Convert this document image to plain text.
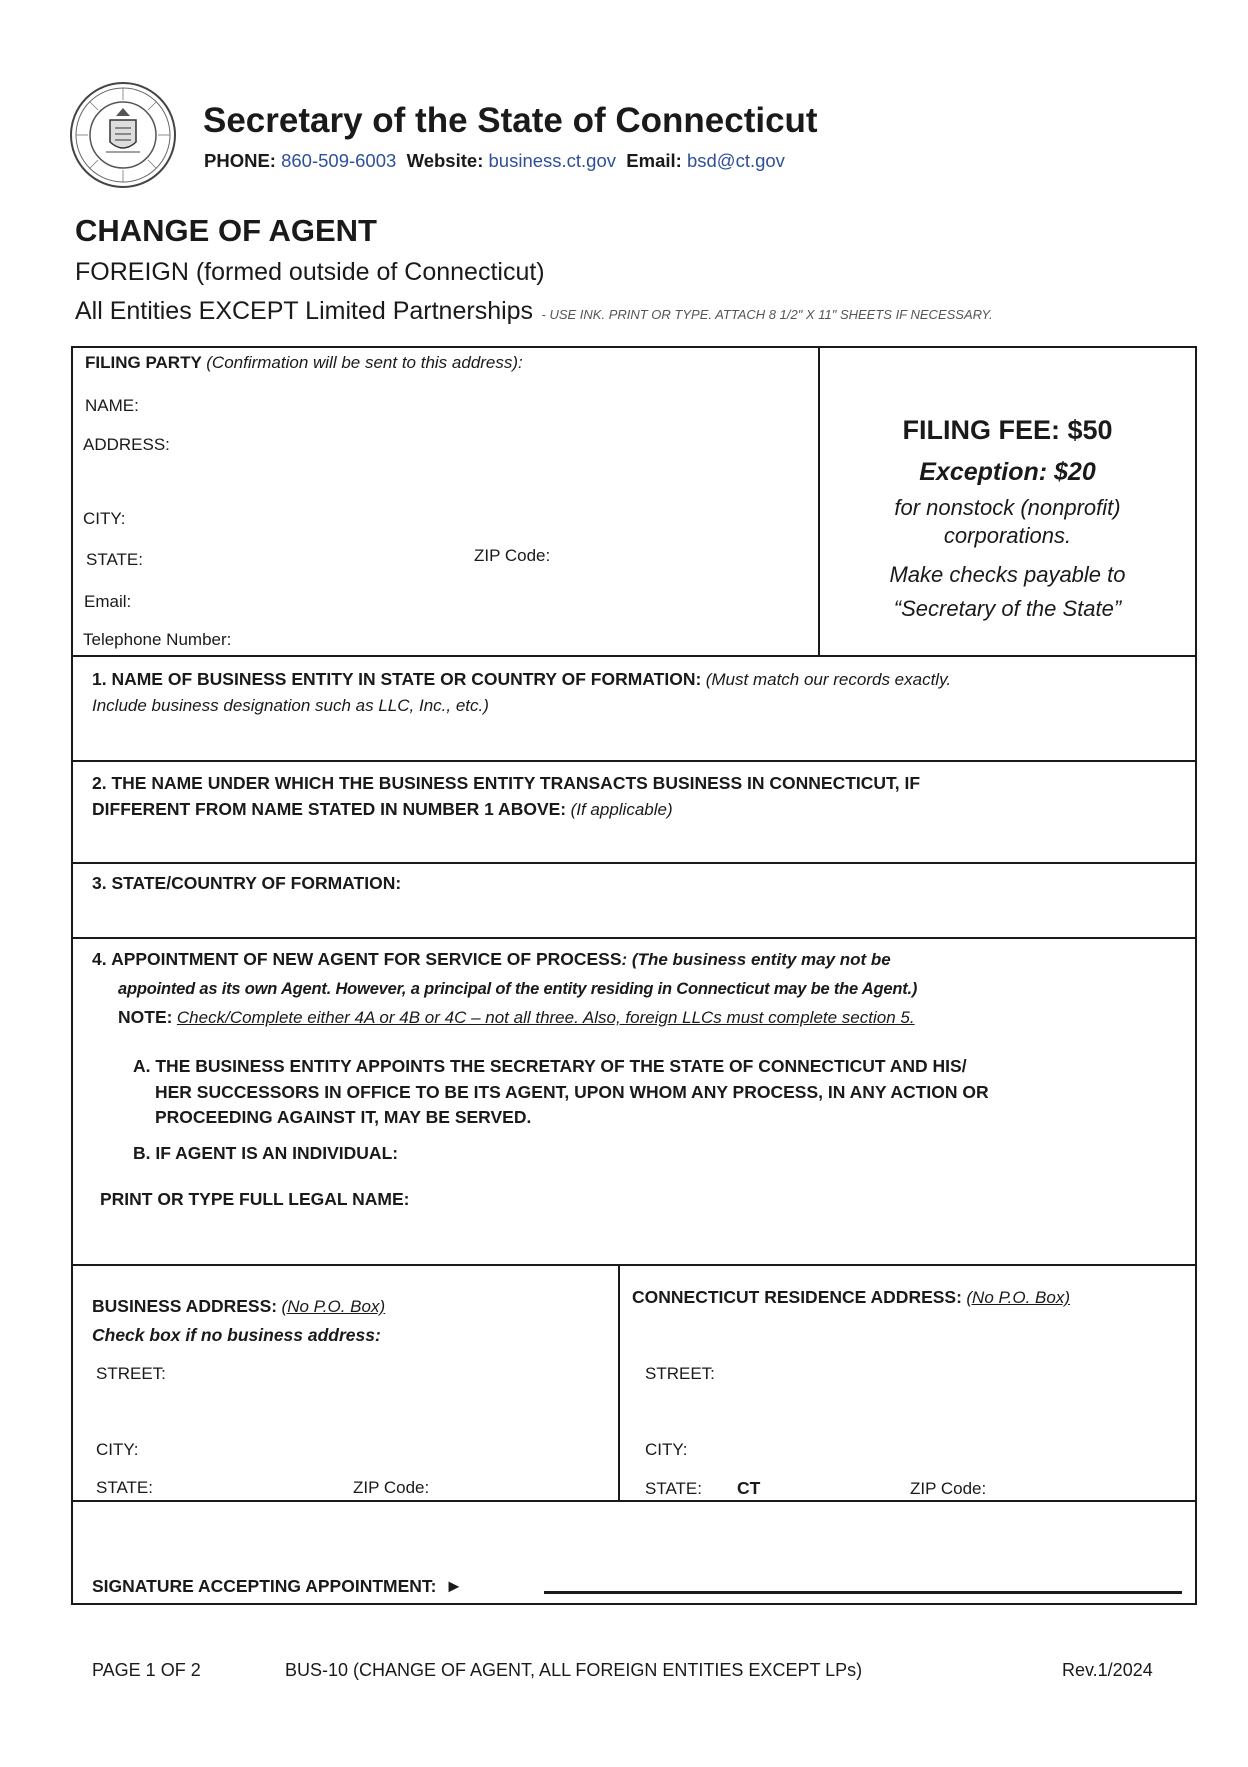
Secretary of the State of Connecticut
PHONE: 860-509-6003 Website: business.ct.gov Email: bsd@ct.gov
CHANGE OF AGENT
FOREIGN (formed outside of Connecticut)
All Entities EXCEPT Limited Partnerships - USE INK. PRINT OR TYPE. ATTACH 8 1/2" X 11" SHEETS IF NECESSARY.
FILING PARTY (Confirmation will be sent to this address):
NAME:
ADDRESS:
CITY:
STATE:	ZIP Code:
Email:
Telephone Number:
FILING FEE: $50
Exception: $20
for nonstock (nonprofit)
corporations.
Make checks payable to
“Secretary of the State”
1. NAME OF BUSINESS ENTITY IN STATE OR COUNTRY OF FORMATION: (Must match our records exactly.
Include business designation such as LLC, Inc., etc.)
2. THE NAME UNDER WHICH THE BUSINESS ENTITY TRANSACTS BUSINESS IN CONNECTICUT, IF
DIFFERENT FROM NAME STATED IN NUMBER 1 ABOVE: (If applicable)
3. STATE/COUNTRY OF FORMATION:
4. APPOINTMENT OF NEW AGENT FOR SERVICE OF PROCESS: (The business entity may not be
appointed as its own Agent. However, a principal of the entity residing in Connecticut may be the Agent.)
NOTE: Check/Complete either 4A or 4B or 4C – not all three. Also, foreign LLCs must complete section 5.
A. THE BUSINESS ENTITY APPOINTS THE SECRETARY OF THE STATE OF CONNECTICUT AND HIS/
HER SUCCESSORS IN OFFICE TO BE ITS AGENT, UPON WHOM ANY PROCESS, IN ANY ACTION OR
PROCEEDING AGAINST IT, MAY BE SERVED.
B. IF AGENT IS AN INDIVIDUAL:
PRINT OR TYPE FULL LEGAL NAME:
BUSINESS ADDRESS: (No P.O. Box)
Check box if no business address:
STREET:
CITY:
STATE:	ZIP Code:
CONNECTICUT RESIDENCE ADDRESS: (No P.O. Box)
STREET:
CITY:
STATE: CT	ZIP Code:
SIGNATURE ACCEPTING APPOINTMENT: ►
PAGE 1 OF 2	BUS-10 (CHANGE OF AGENT, ALL FOREIGN ENTITIES EXCEPT LPs)	Rev.1/2024
